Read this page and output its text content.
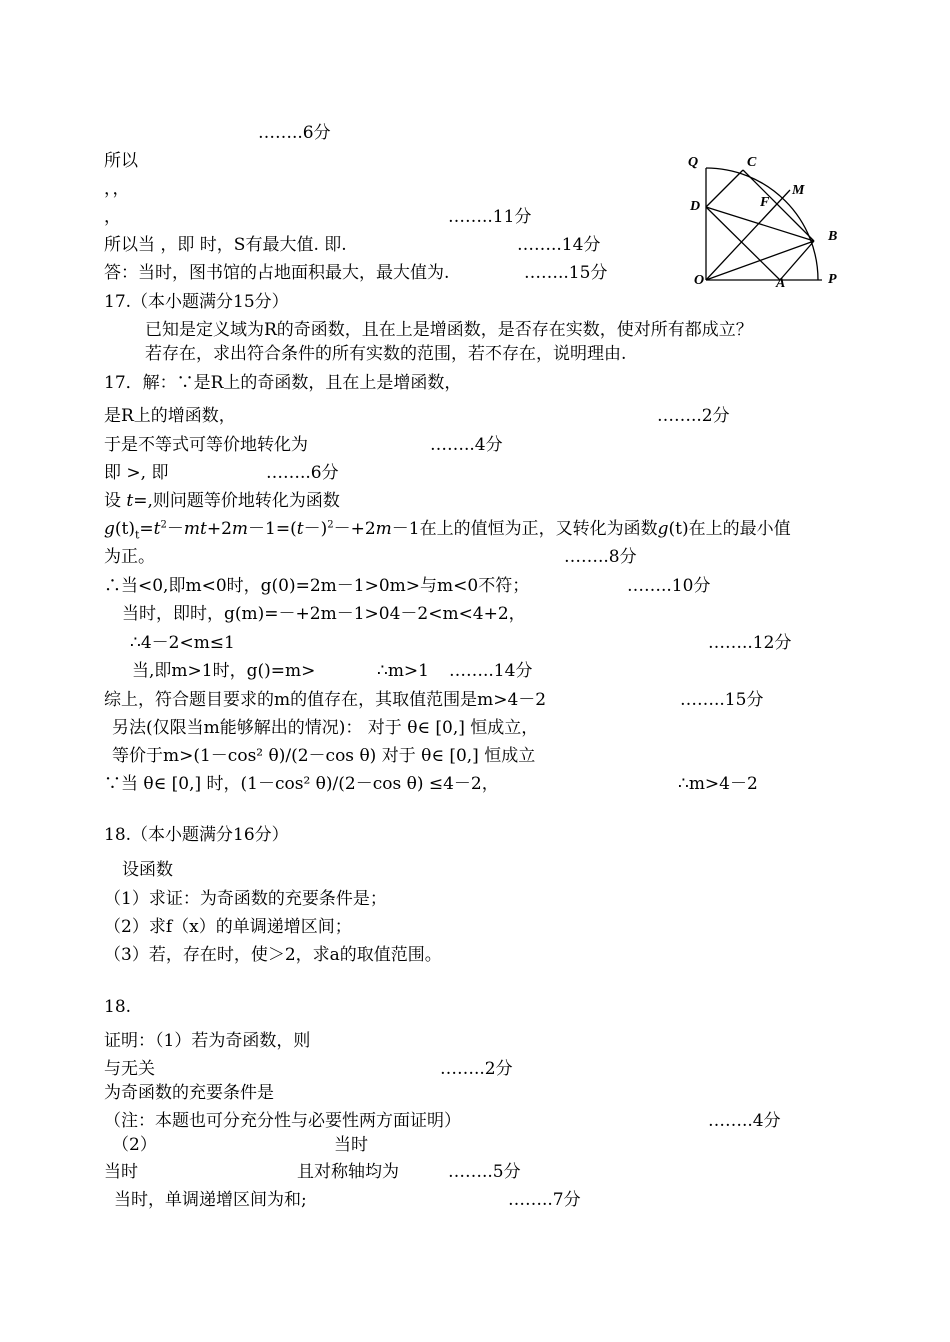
……..6分
所以
，，
，	……..11分
所以当 ，即 时，S有最大值. 即.	……..14分
答：当时，图书馆的占地面积最大，最大值为.	……..15分
Q	C
M
F
D
B
O	A	P
17.（本小题满分15分）
已知是定义域为R的奇函数，且在上是增函数，是否存在实数，使对所有都成立？
若存在，求出符合条件的所有实数的范围，若不存在，说明理由.
17．解：∵是R上的奇函数，且在上是增函数，
是R上的增函数，	……..2分
于是不等式可等价地转化为	……..4分
即 >, 即	……..6分
设 t=,则问题等价地转化为函数
$g(t)_t=t^2-mt+2m-1=(t-)^2-+2m-1$在上的值恒为正，又转化为函数g(t)在上的最小值
为正。	……..8分
∴当<0,即m<0时，g(0)=2m－1>0m>与m<0不符；	……..10分
当时，即时，g(m)=－+2m－1>04－2<m<4+2，
∴4－2<m≤1	……..12分
当,即m>1时，g()=m>	∴m>1 ……..14分
综上，符合题目要求的m的值存在，其取值范围是m>4－2	……..15分
另法(仅限当m能够解出的情况)： 对于 θ∈ [0,] 恒成立，
等价于m>(1－cos² θ)/(2－cos θ) 对于 θ∈ [0,] 恒成立
∵当 θ∈ [0,] 时，(1－cos² θ)/(2－cos θ) ≤4－2，	∴m>4－2
18.（本小题满分16分）
设函数
（1）求证：为奇函数的充要条件是；
（2）求f（x）的单调递增区间；
（3）若，存在时，使＞2，求a的取值范围。
18.
证明：（1）若为奇函数，则
与无关	……..2分
为奇函数的充要条件是
（注：本题也可分充分性与必要性两方面证明）	……..4分
（2）	当时
当时	且对称轴均为	……..5分
当时，单调递增区间为和;	……..7分
